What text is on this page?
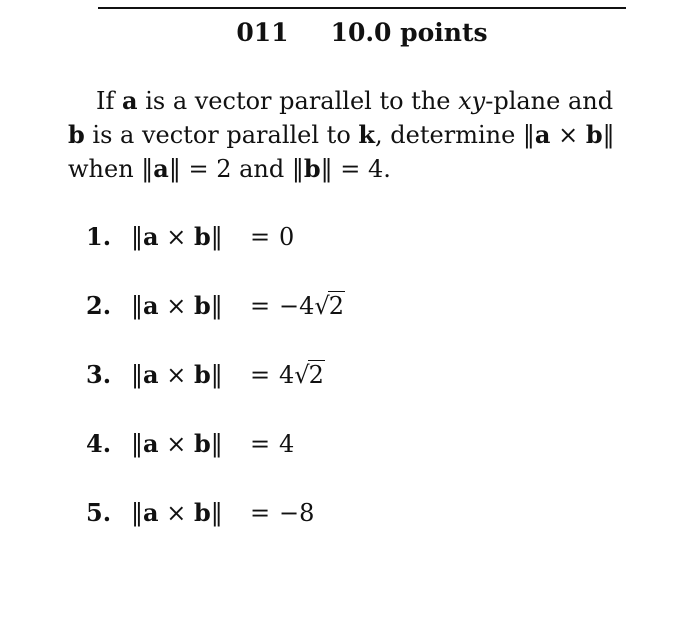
011 10.0 points
If a is a vector parallel to the xy-plane and
b is a vector parallel to k, determine ‖a × b‖
when ‖a‖ = 2 and ‖b‖ = 4.
1. ‖a × b‖	= 0
2. ‖a × b‖	= −4√2
3. ‖a × b‖	= 4√2
4. ‖a × b‖	= 4
5. ‖a × b‖	= −8
